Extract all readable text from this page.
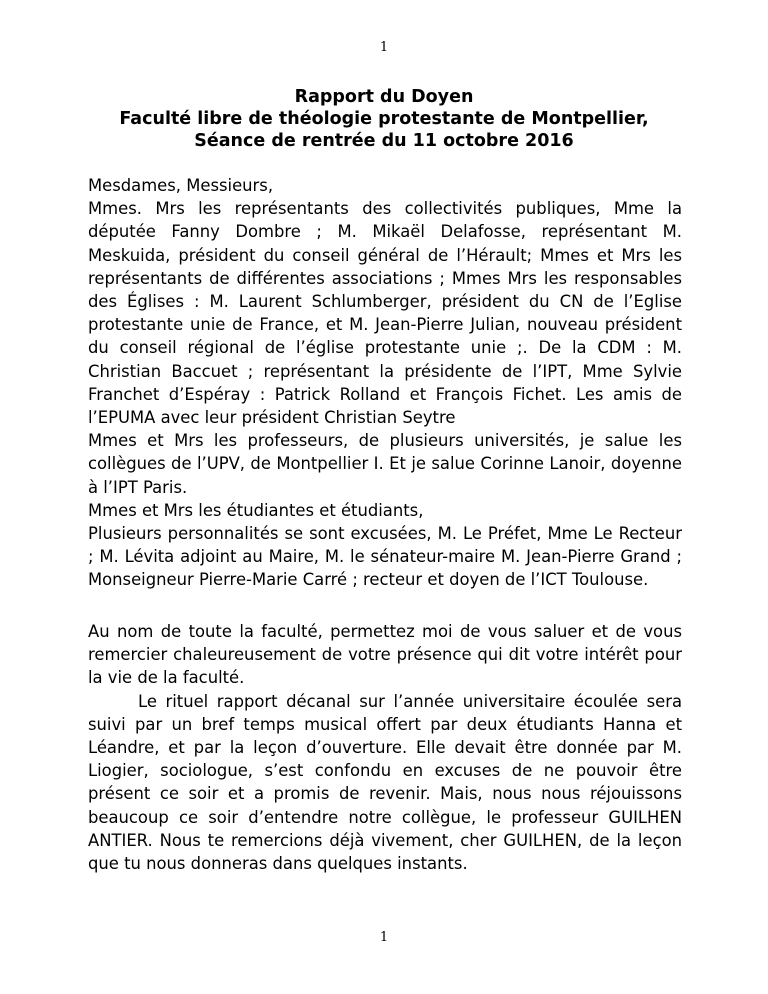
1
Rapport du Doyen
Faculté libre de théologie protestante de Montpellier,
Séance de rentrée du 11 octobre 2016

Mesdames, Messieurs,

Mmes. Mrs les représentants des collectivités publiques, Mme la députée Fanny Dombre ; M. Mikaël Delafosse, représentant M. Meskuida, président du conseil général de l’Hérault; Mmes et Mrs les représentants de différentes associations ; Mmes Mrs les responsables des Églises : M. Laurent Schlumberger, président du CN de l’Eglise protestante unie de France, et M. Jean-Pierre Julian, nouveau président du conseil régional de l’église protestante unie ;. De la CDM : M. Christian Baccuet ; représentant la présidente de l’IPT, Mme Sylvie Franchet d’Espéray : Patrick Rolland et François Fichet. Les amis de l’EPUMA avec leur président Christian Seytre

Mmes et Mrs les professeurs, de plusieurs universités, je salue les collègues de l’UPV, de Montpellier I. Et je salue Corinne Lanoir, doyenne à l’IPT Paris.

Mmes et Mrs les étudiantes et étudiants,

Plusieurs personnalités se sont excusées, M. Le Préfet, Mme Le Recteur ; M. Lévita adjoint au Maire, M. le sénateur-maire M. Jean-Pierre Grand ; Monseigneur Pierre-Marie Carré ; recteur et doyen de l’ICT Toulouse.

Au nom de toute la faculté, permettez moi de vous saluer et de vous remercier chaleureusement de votre présence qui dit votre intérêt pour la vie de la faculté.

Le rituel rapport décanal sur l’année universitaire écoulée sera suivi par un bref temps musical offert par deux étudiants Hanna et Léandre, et par la leçon d’ouverture. Elle devait être donnée par M. Liogier, sociologue, s’est confondu en excuses de ne pouvoir être présent ce soir et a promis de revenir. Mais, nous nous réjouissons beaucoup ce soir d’entendre notre collègue, le professeur GUILHEN ANTIER. Nous te remercions déjà vivement, cher GUILHEN, de la leçon que tu nous donneras dans quelques instants.

1
